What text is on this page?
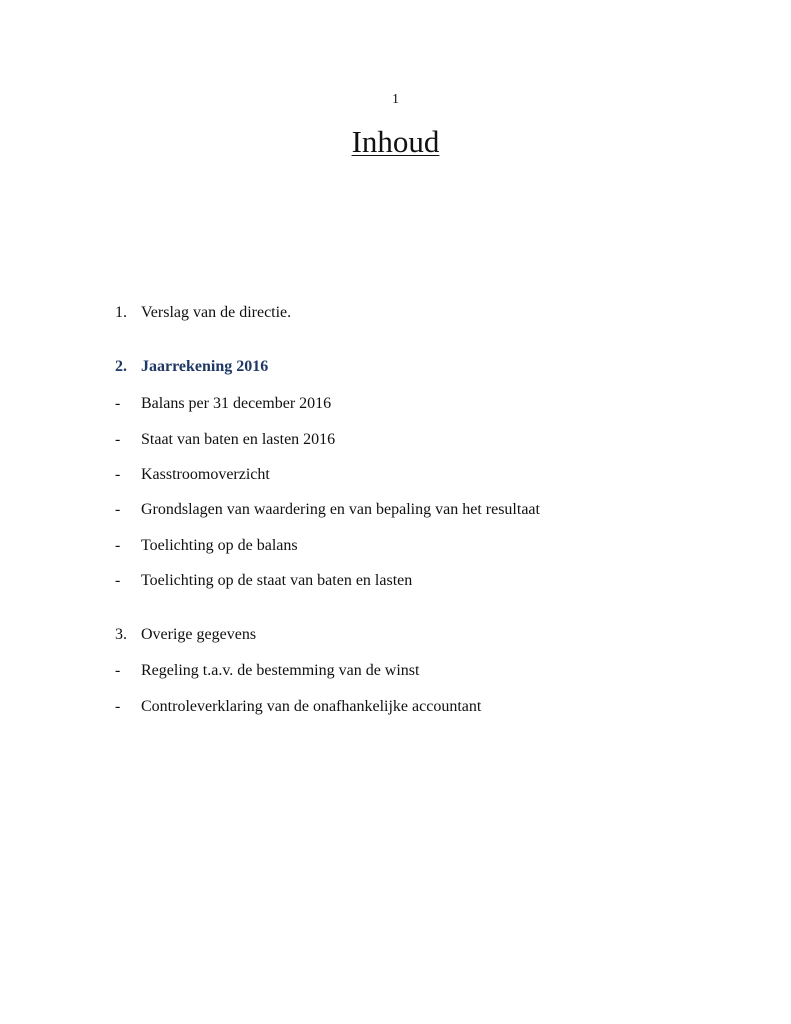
1
Inhoud
1. Verslag van de directie.
2. Jaarrekening 2016
- Balans per 31 december 2016
- Staat van baten en lasten 2016
- Kasstroomoverzicht
- Grondslagen van waardering en van bepaling van het resultaat
- Toelichting op de balans
- Toelichting op de staat van baten en lasten
3. Overige gegevens
- Regeling t.a.v. de bestemming van de winst
- Controleverklaring van de onafhankelijke accountant
